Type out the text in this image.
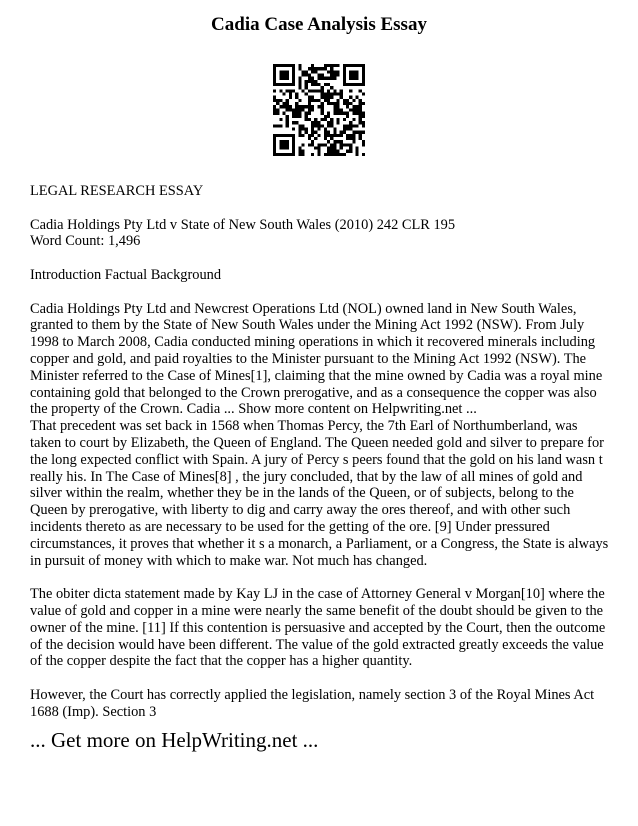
Cadia Case Analysis Essay

LEGAL RESEARCH ESSAY

Cadia Holdings Pty Ltd v State of New South Wales (2010) 242 CLR 195

Word Count: 1,496

Introduction Factual Background

Cadia Holdings Pty Ltd and Newcrest Operations Ltd (NOL) owned land in New South Wales, granted to them by the State of New South Wales under the Mining Act 1992 (NSW). From July 1998 to March 2008, Cadia conducted mining operations in which it recovered minerals including copper and gold, and paid royalties to the Minister pursuant to the Mining Act 1992 (NSW). The Minister referred to the Case of Mines[1], claiming that the mine owned by Cadia was a royal mine containing gold that belonged to the Crown prerogative, and as a consequence the copper was also the property of the Crown. Cadia ... Show more content on Helpwriting.net ...

That precedent was set back in 1568 when Thomas Percy, the 7th Earl of Northumberland, was taken to court by Elizabeth, the Queen of England. The Queen needed gold and silver to prepare for the long expected conflict with Spain. A jury of Percy s peers found that the gold on his land wasn t really his. In The Case of Mines[8] , the jury concluded, that by the law of all mines of gold and silver within the realm, whether they be in the lands of the Queen, or of subjects, belong to the Queen by prerogative, with liberty to dig and carry away the ores thereof, and with other such incidents thereto as are necessary to be used for the getting of the ore. [9] Under pressured circumstances, it proves that whether it s a monarch, a Parliament, or a Congress, the State is always in pursuit of money with which to make war. Not much has changed.

The obiter dicta statement made by Kay LJ in the case of Attorney General v Morgan[10] where the value of gold and copper in a mine were nearly the same benefit of the doubt should be given to the owner of the mine. [11] If this contention is persuasive and accepted by the Court, then the outcome of the decision would have been different. The value of the gold extracted greatly exceeds the value of the copper despite the fact that the copper has a higher quantity.

However, the Court has correctly applied the legislation, namely section 3 of the Royal Mines Act 1688 (Imp). Section 3

... Get more on HelpWriting.net ...
